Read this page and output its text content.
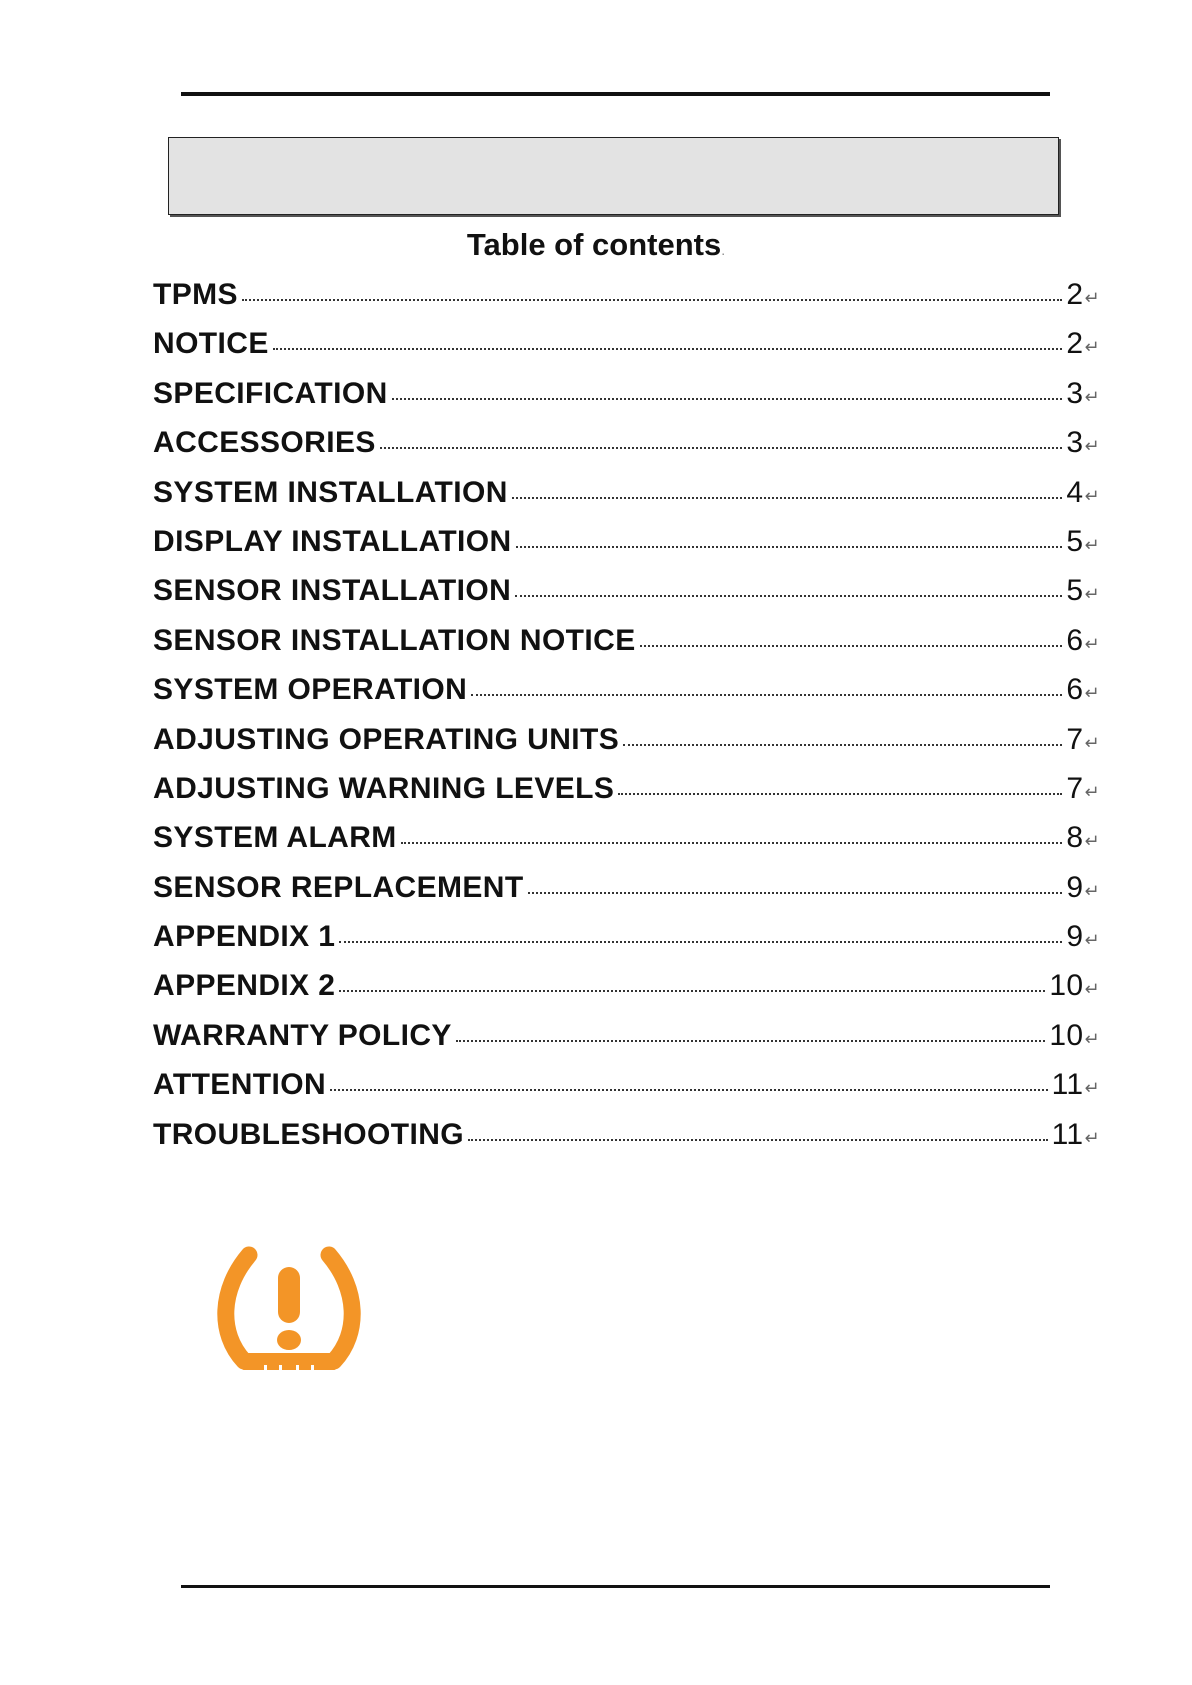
Table of contents.
TPMS	2 ↵
NOTICE	2 ↵
SPECIFICATION	3 ↵
ACCESSORIES	3 ↵
SYSTEM INSTALLATION	4 ↵
DISPLAY INSTALLATION	5 ↵
SENSOR INSTALLATION	5 ↵
SENSOR INSTALLATION NOTICE	6 ↵
SYSTEM OPERATION	6 ↵
ADJUSTING OPERATING UNITS	7 ↵
ADJUSTING WARNING LEVELS	7 ↵
SYSTEM ALARM	8 ↵
SENSOR REPLACEMENT	9 ↵
APPENDIX 1	9 ↵
APPENDIX 2	10 ↵
WARRANTY POLICY	10 ↵
ATTENTION	11 ↵
TROUBLESHOOTING	11 ↵
